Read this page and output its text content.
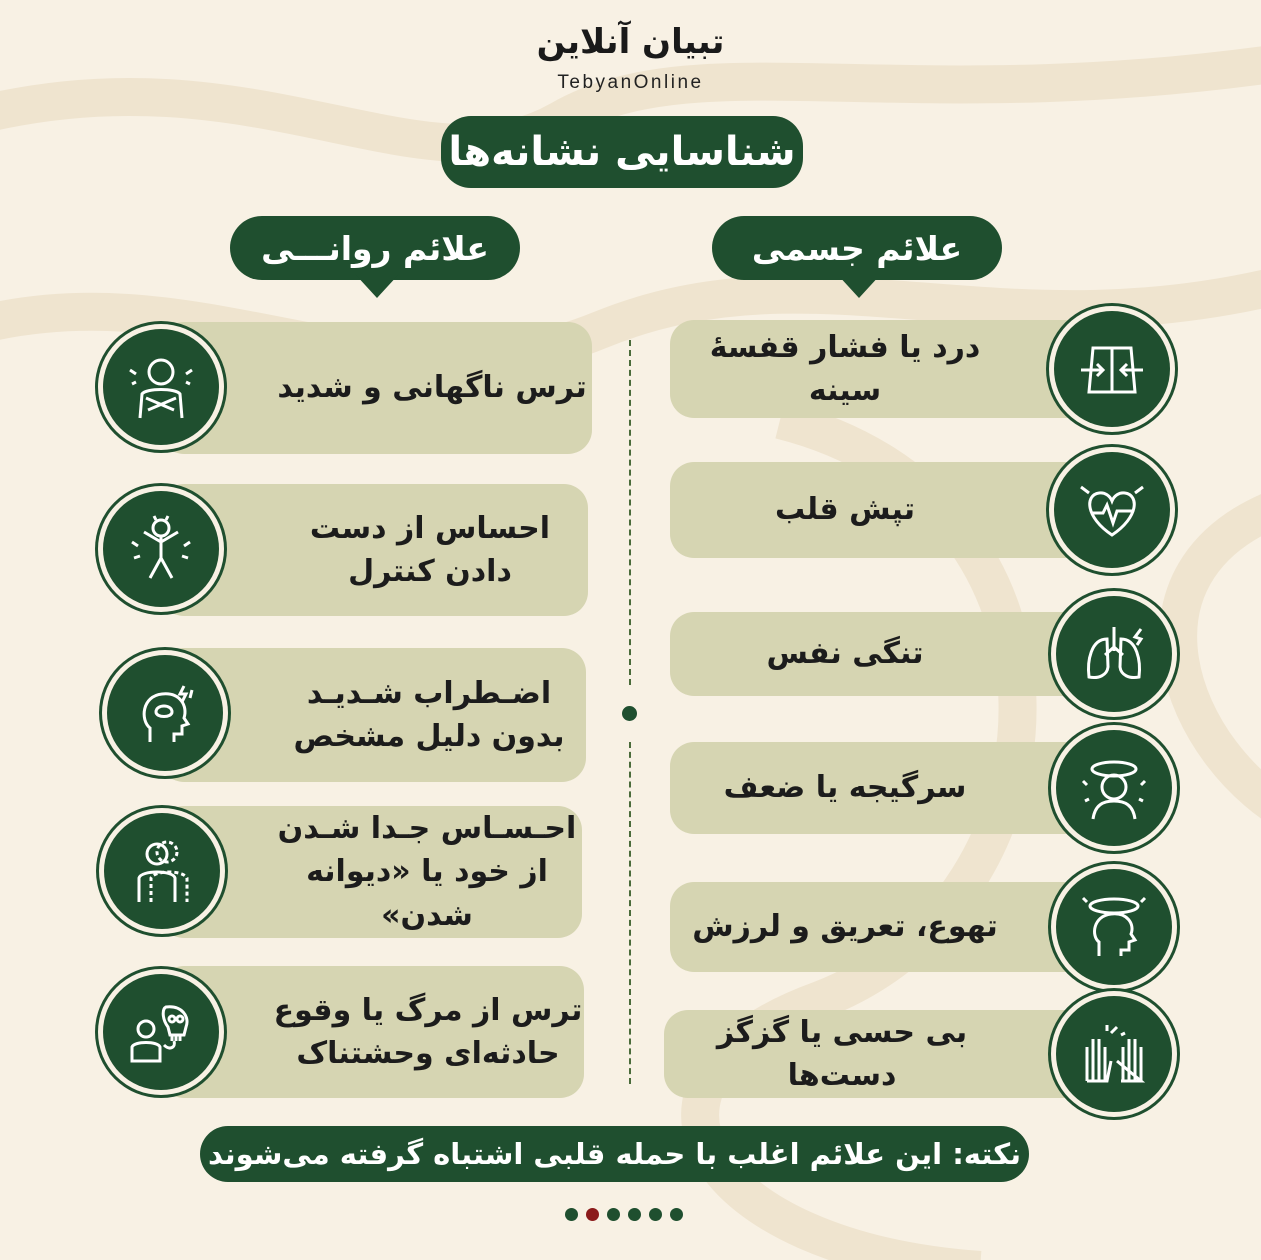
تبیان آنلاین
TebyanOnline
شناسایی نشانه‌ها
علائم جسمی
علائم روانـــی
درد یا فشار قفسهٔ سینه
تپش قلب
تنگی نفس
سرگیجه یا ضعف
تهوع، تعریق و لرزش
بی حسی یا گزگز دست‌ها
ترس ناگهانی و شدید
احساس از دست دادن کنترل
اضـطراب شـدیـد بدون دلیل مشخص
احـسـاس جـدا شـدن از خود یا «دیوانه شدن»
ترس از مرگ یا وقوع حادثه‌ای وحشتناک
نکته: این علائم اغلب با حمله قلبی اشتباه گرفته می‌شوند
